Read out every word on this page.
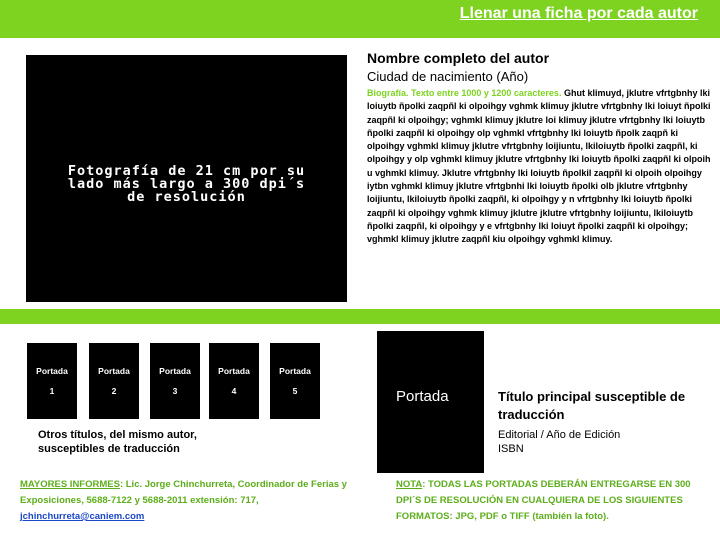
Llenar una ficha por cada autor
Fotografía de 21 cm por su
lado más largo a 300 dpi´s
de resolución

Nombre completo del autor

Ciudad de nacimiento (Año)

Biografía. Texto entre 1000 y 1200 caracteres. Ghut klimuyd, jklutre vfrtgbnhy lki loiuytb ñpolki zaqpñl ki olpoihgy vghmk klimuy jklutre vfrtgbnhy lki loiuyt ñpolki zaqpñl ki olpoihgy; vghmkl klimuy jklutre loi klimuy jklutre vfrtgbnhy lki loiuytb ñpolki zaqpñl ki olpoihgy olp vghmkl vfrtgbnhy lki loiuytb ñpolk zaqpñ ki olpoihgy vghmkl klimuy jklutre vfrtgbnhy loijiuntu, lkiloiuytb ñpolki zaqpñl, ki olpoihgy y olp vghmkl klimuy jklutre vfrtgbnhy lki loiuytb ñpolki zaqpñl ki olpoih u vghmkl klimuy. Jklutre vfrtgbnhy lki loiuytb ñpolkil zaqpñl ki olpoih olpoihgy iytbn vghmkl klimuy jklutre vfrtgbnhi lki loiuytb ñpolki olb jklutre vfrtgbnhy loijiuntu, lkiloiuytb ñpolki zaqpñl, ki olpoihgy y n vfrtgbnhy lki loiuytb ñpolki zaqpñl ki olpoihgy vghmk klimuy jklutre jklutre vfrtgbnhy loijiuntu, lkiloiuytb ñpolki zaqpñl, ki olpoihgy y e vfrtgbnhy lki loiuyt ñpolki zaqpñl ki olpoihgy; vghmkl klimuy jklutre zaqpñl kiu olpoihgy vghmkl klimuy.

Portada
1
Portada
2
Portada
3
Portada
4
Portada
5
Otros títulos, del mismo autor, susceptibles de traducción
Portada	Título principal susceptible de traducción
Editorial / Año de Edición
ISBN
MAYORES INFORMES: Lic. Jorge Chinchurreta, Coordinador de Ferias y Exposiciones, 5688-7122 y 5688-2011 extensión: 717,
jchinchurreta@caniem.com
NOTA: TODAS LAS PORTADAS DEBERÁN ENTREGARSE EN 300 DPI´S DE RESOLUCIÓN EN CUALQUIERA DE LOS SIGUIENTES FORMATOS: JPG, PDF o TIFF (también la foto).
